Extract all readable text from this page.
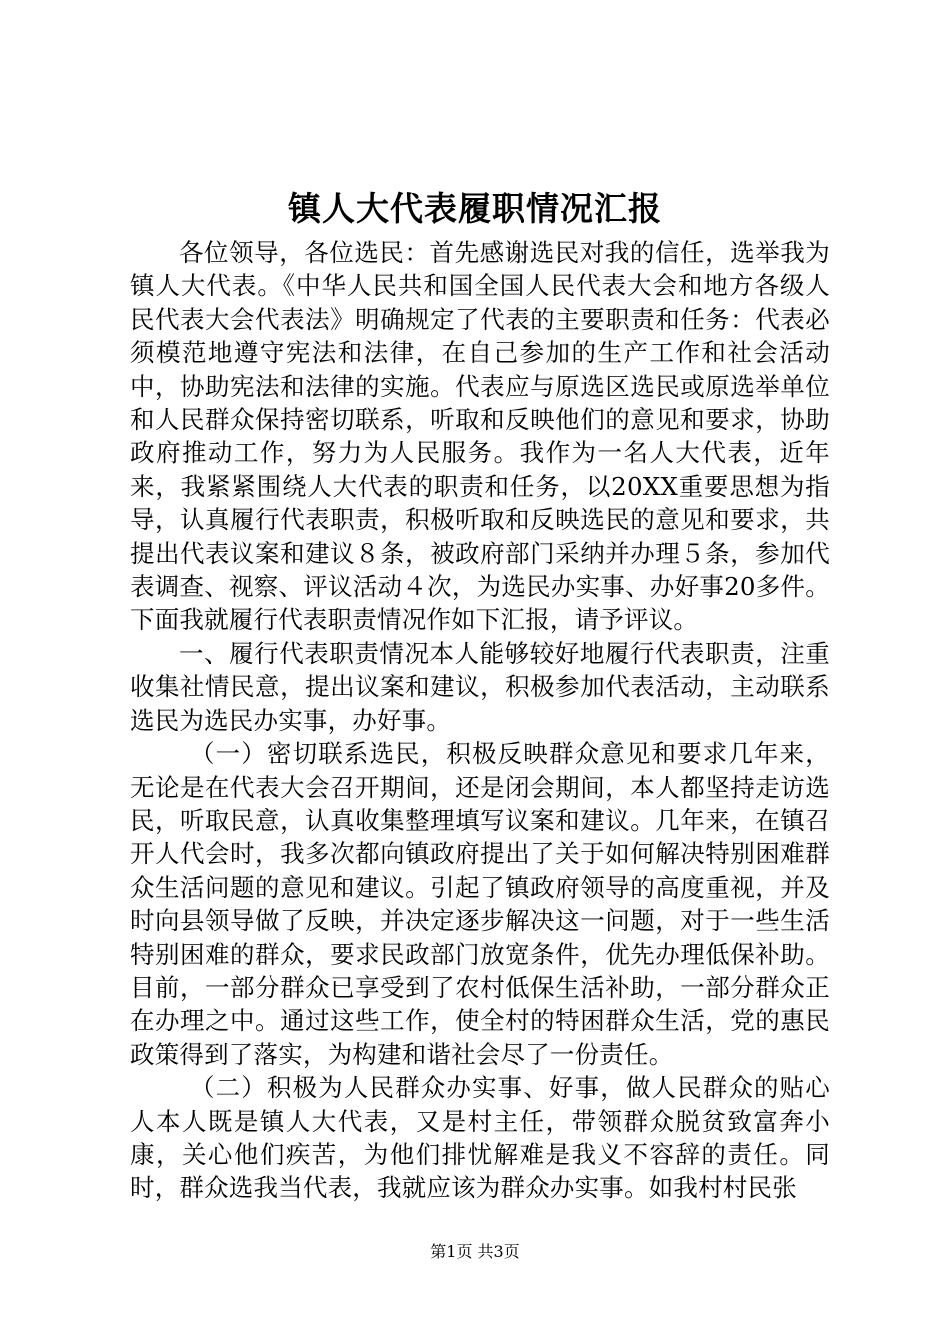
镇人大代表履职情况汇报

各位领导，各位选民：首先感谢选民对我的信任，选举我为镇人大代表。《中华人民共和国全国人民代表大会和地方各级人民代表大会代表法》明确规定了代表的主要职责和任务：代表必须模范地遵守宪法和法律，在自己参加的生产工作和社会活动中，协助宪法和法律的实施。代表应与原选区选民或原选举单位和人民群众保持密切联系，听取和反映他们的意见和要求，协助政府推动工作，努力为人民服务。我作为一名人大代表，近年来，我紧紧围绕人大代表的职责和任务，以20XX重要思想为指导，认真履行代表职责，积极听取和反映选民的意见和要求，共提出代表议案和建议８条，被政府部门采纳并办理５条，参加代表调查、视察、评议活动４次，为选民办实事、办好事20多件。下面我就履行代表职责情况作如下汇报，请予评议。

一、履行代表职责情况本人能够较好地履行代表职责，注重收集社情民意，提出议案和建议，积极参加代表活动，主动联系选民为选民办实事，办好事。

（一）密切联系选民，积极反映群众意见和要求几年来，无论是在代表大会召开期间，还是闭会期间，本人都坚持走访选民，听取民意，认真收集整理填写议案和建议。几年来，在镇召开人代会时，我多次都向镇政府提出了关于如何解决特别困难群众生活问题的意见和建议。引起了镇政府领导的高度重视，并及时向县领导做了反映，并决定逐步解决这一问题，对于一些生活特别困难的群众，要求民政部门放宽条件，优先办理低保补助。目前，一部分群众已享受到了农村低保生活补助，一部分群众正在办理之中。通过这些工作，使全村的特困群众生活，党的惠民政策得到了落实，为构建和谐社会尽了一份责任。

（二）积极为人民群众办实事、好事，做人民群众的贴心人本人既是镇人大代表，又是村主任，带领群众脱贫致富奔小康，关心他们疾苦，为他们排忧解难是我义不容辞的责任。同时，群众选我当代表，我就应该为群众办实事。如我村村民张

第1页 共3页
